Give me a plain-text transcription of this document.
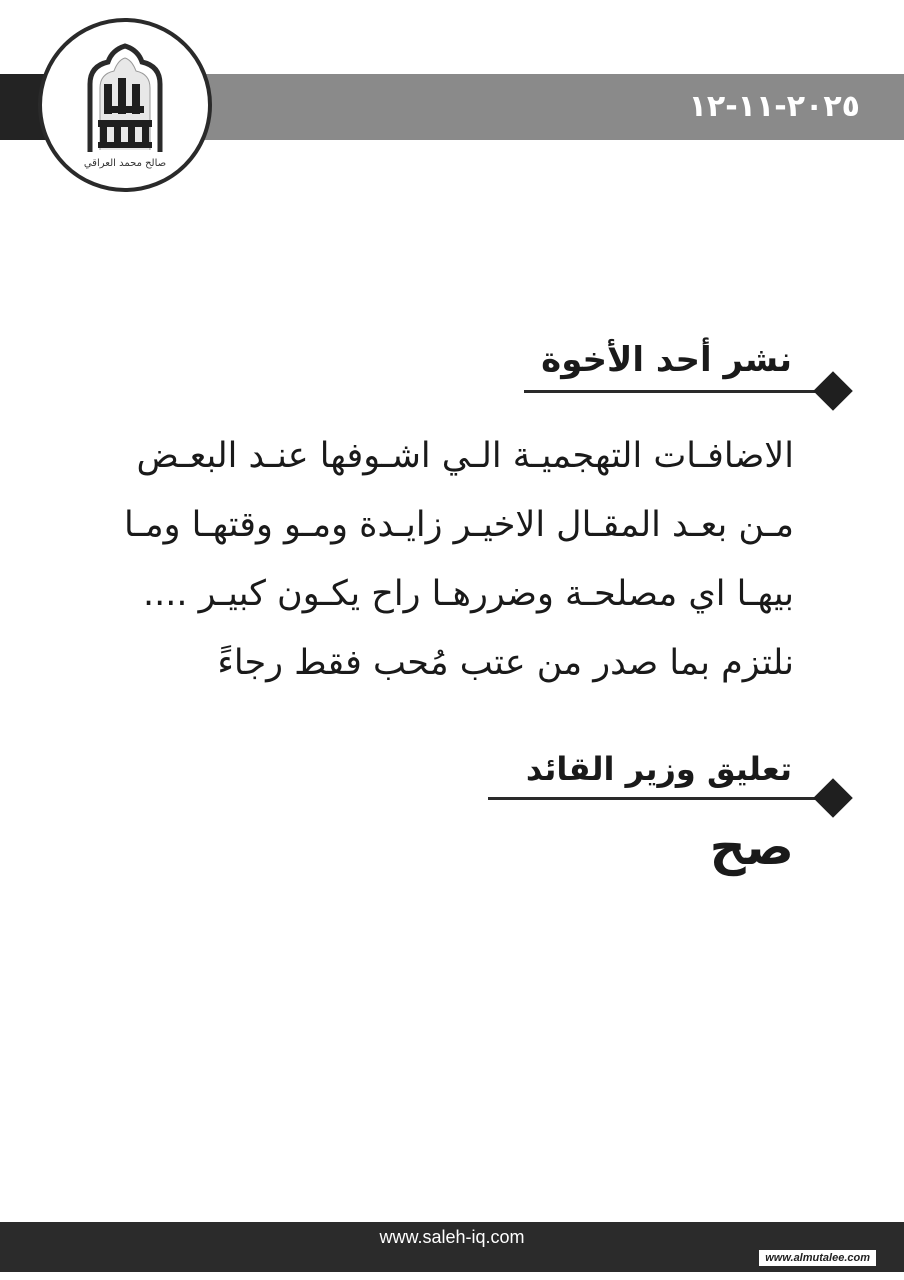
٢٠٢٥-١١-١٢
صالح محمد العراقي
نشر أحد الأخوة
الاضافـات التهجميـة الـي اشـوفها عنـد البعـض
مـن بعـد المقـال الاخيـر زايـدة ومـو وقتهـا ومـا
بيهـا اي مصلحـة وضررهـا راح يكـون كبيـر ....
نلتزم بما صدر من عتب مُحب فقط رجاءً
تعليق وزير القائد
صح
www.saleh-iq.com
www.almutalee.com
